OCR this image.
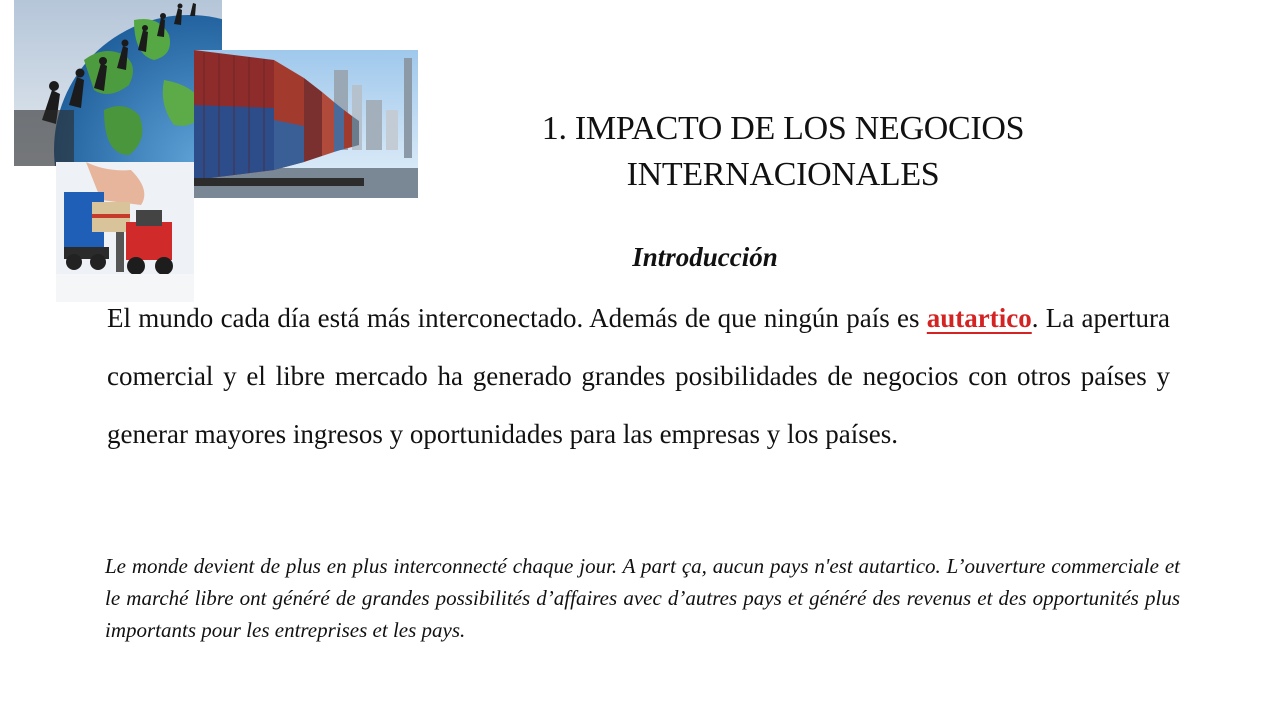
1. IMPACTO DE LOS NEGOCIOS
INTERNACIONALES
Introducción
El mundo cada día está más interconectado. Además de que ningún país es autartico. La apertura comercial y el libre mercado ha generado grandes posibilidades de negocios con otros países y generar mayores ingresos y oportunidades para las empresas y los países.
Le monde devient de plus en plus interconnecté chaque jour. A part ça, aucun pays n'est autartico. L’ouverture commerciale et le marché libre ont généré de grandes possibilités d’affaires avec d’autres pays et généré des revenus et des opportunités plus importants pour les entreprises et les pays.
